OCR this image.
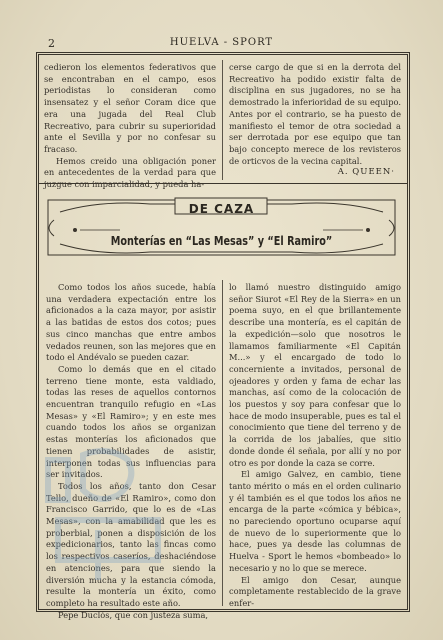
2	HUELVA - SPORT

cedieron los elementos federativos que se encontraban en el campo, esos periodistas lo consideran como insensatez y el señor Coram dice que era una jugada del Real Club Recreativo, para cubrir su superioridad ante el Sevilla y por no confesar su fracaso.

Hemos creido una obligación poner en antecedentes de la verdad para que juzgue con imparcialidad, y pueda ha-

cerse cargo de que si en la derrota del Recreativo ha podido existir falta de disciplina en sus jugadores, no se ha demostrado la inferioridad de su equipo. Antes por el contrario, se ha puesto de manifiesto el temor de otra sociedad a ser derrotada por ese equipo que tan bajo concepto merece de los revisteros de orticvos de la vecina capital.

A. QUEEN·
DE CAZA
Monterías en “Las Mesas” y “El Ramiro”

Como todos los años sucede, había una verdadera expectación entre los aficionados a la caza mayor, por asistir a las batidas de estos dos cotos; pues sus cinco manchas que entre ambos vedados reunen, son las mejores que en todo el Andévalo se pueden cazar.

Como lo demás que en el citado terreno tiene monte, esta valdiado, todas las reses de aquellos contornos encuentran tranquilo refugio en «Las Mesas» y «El Ramiro»; y en este mes cuando todos los años se organizan estas monterías los aficionados que tienen probabilidades de asistir, interponen todas sus influencias para ser invitados.

Todos los años, tanto don Cesar Tello, dueño de «El Ramiro», como don Francisco Garrido, que lo es de «Las Mesas», con la amabilidad que les es proberbial, ponen a disposición de los expedicionarios, tanto las fincas como los respectivos caseríos, deshaciéndose en atenciones, para que siendo la diversión mucha y la estancia cómoda, resulte la montería un éxito, como completo ha resultado este año.

Pepe Duclós, que con justeza suma,

lo llamó nuestro distinguido amigo señor Siurot «El Rey de la Sierra» en un poema suyo, en el que brillantemente describe una montería, es el capitán de la expedición—solo que nosotros le llamamos familiarmente «El Capitán M...» y el encargado de todo lo concerniente a invitados, personal de ojeadores y orden y fama de echar las manchas, así como de la colocación de los puestos y soy para confesar que lo hace de modo insuperable, pues es tal el conocimiento que tiene del terreno y de la corrida de los jabalíes, que sitio donde donde él señala, por allí y no por otro es por donde la caza se corre.

El amigo Galvez, en cambio, tiene tanto mérito o más en el orden culinario y él también es el que todos los años ne encarga de la parte «cómica y bébica», no pareciendo oportuno ocuparse aquí de nuevo de lo superiormente que lo hace, pues ya desde las columnas de Huelva - Sport le hemos «bombeado» lo necesario y no lo que se merece.

El amigo don Cesar, aunque completamente restablecido de la grave enfer-
